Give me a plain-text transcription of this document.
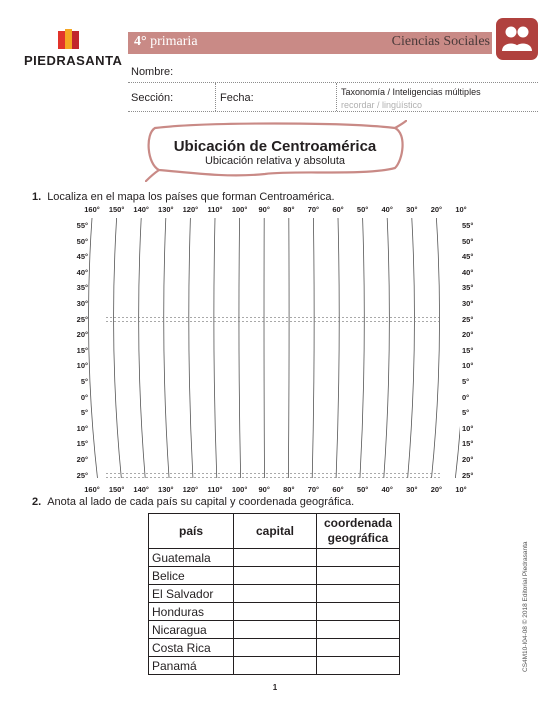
PIEDRASANTA
4° primaria	Ciencias Sociales
Nombre:
Sección:	Fecha:	Taxonomía / Inteligencias múltiples
recordar / lingüístico
Ubicación de Centroamérica
Ubicación relativa y absoluta
1. Localiza en el mapa los países que forman Centroamérica.
160°	150°	140°	130°	120°	110°	100°	90°	80°	70°	60°	50°	40°	30°	20°	10°
160°	150°	140°	130°	120°	110°	100°	90°	80°	70°	60°	50°	40°	30°	20°	10°
55°
50°
45°
40°
35°
30°
25°
20°
15°
10°
5°
0°
5°
10°
15°
20°
25°
55°
50°
45°
40°
35°
30°
25°
20°
15°
10°
5°
0°
5°
10°
15°
20°
25°
2. Anota al lado de cada país su capital y coordenada geográfica.
país	capital	coordenada geográfica
Guatemala		
Belice		
El Salvador		
Honduras		
Nicaragua		
Costa Rica		
Panamá		
1
CS4M10-I04-08 © 2018 Editorial Piedrasanta
